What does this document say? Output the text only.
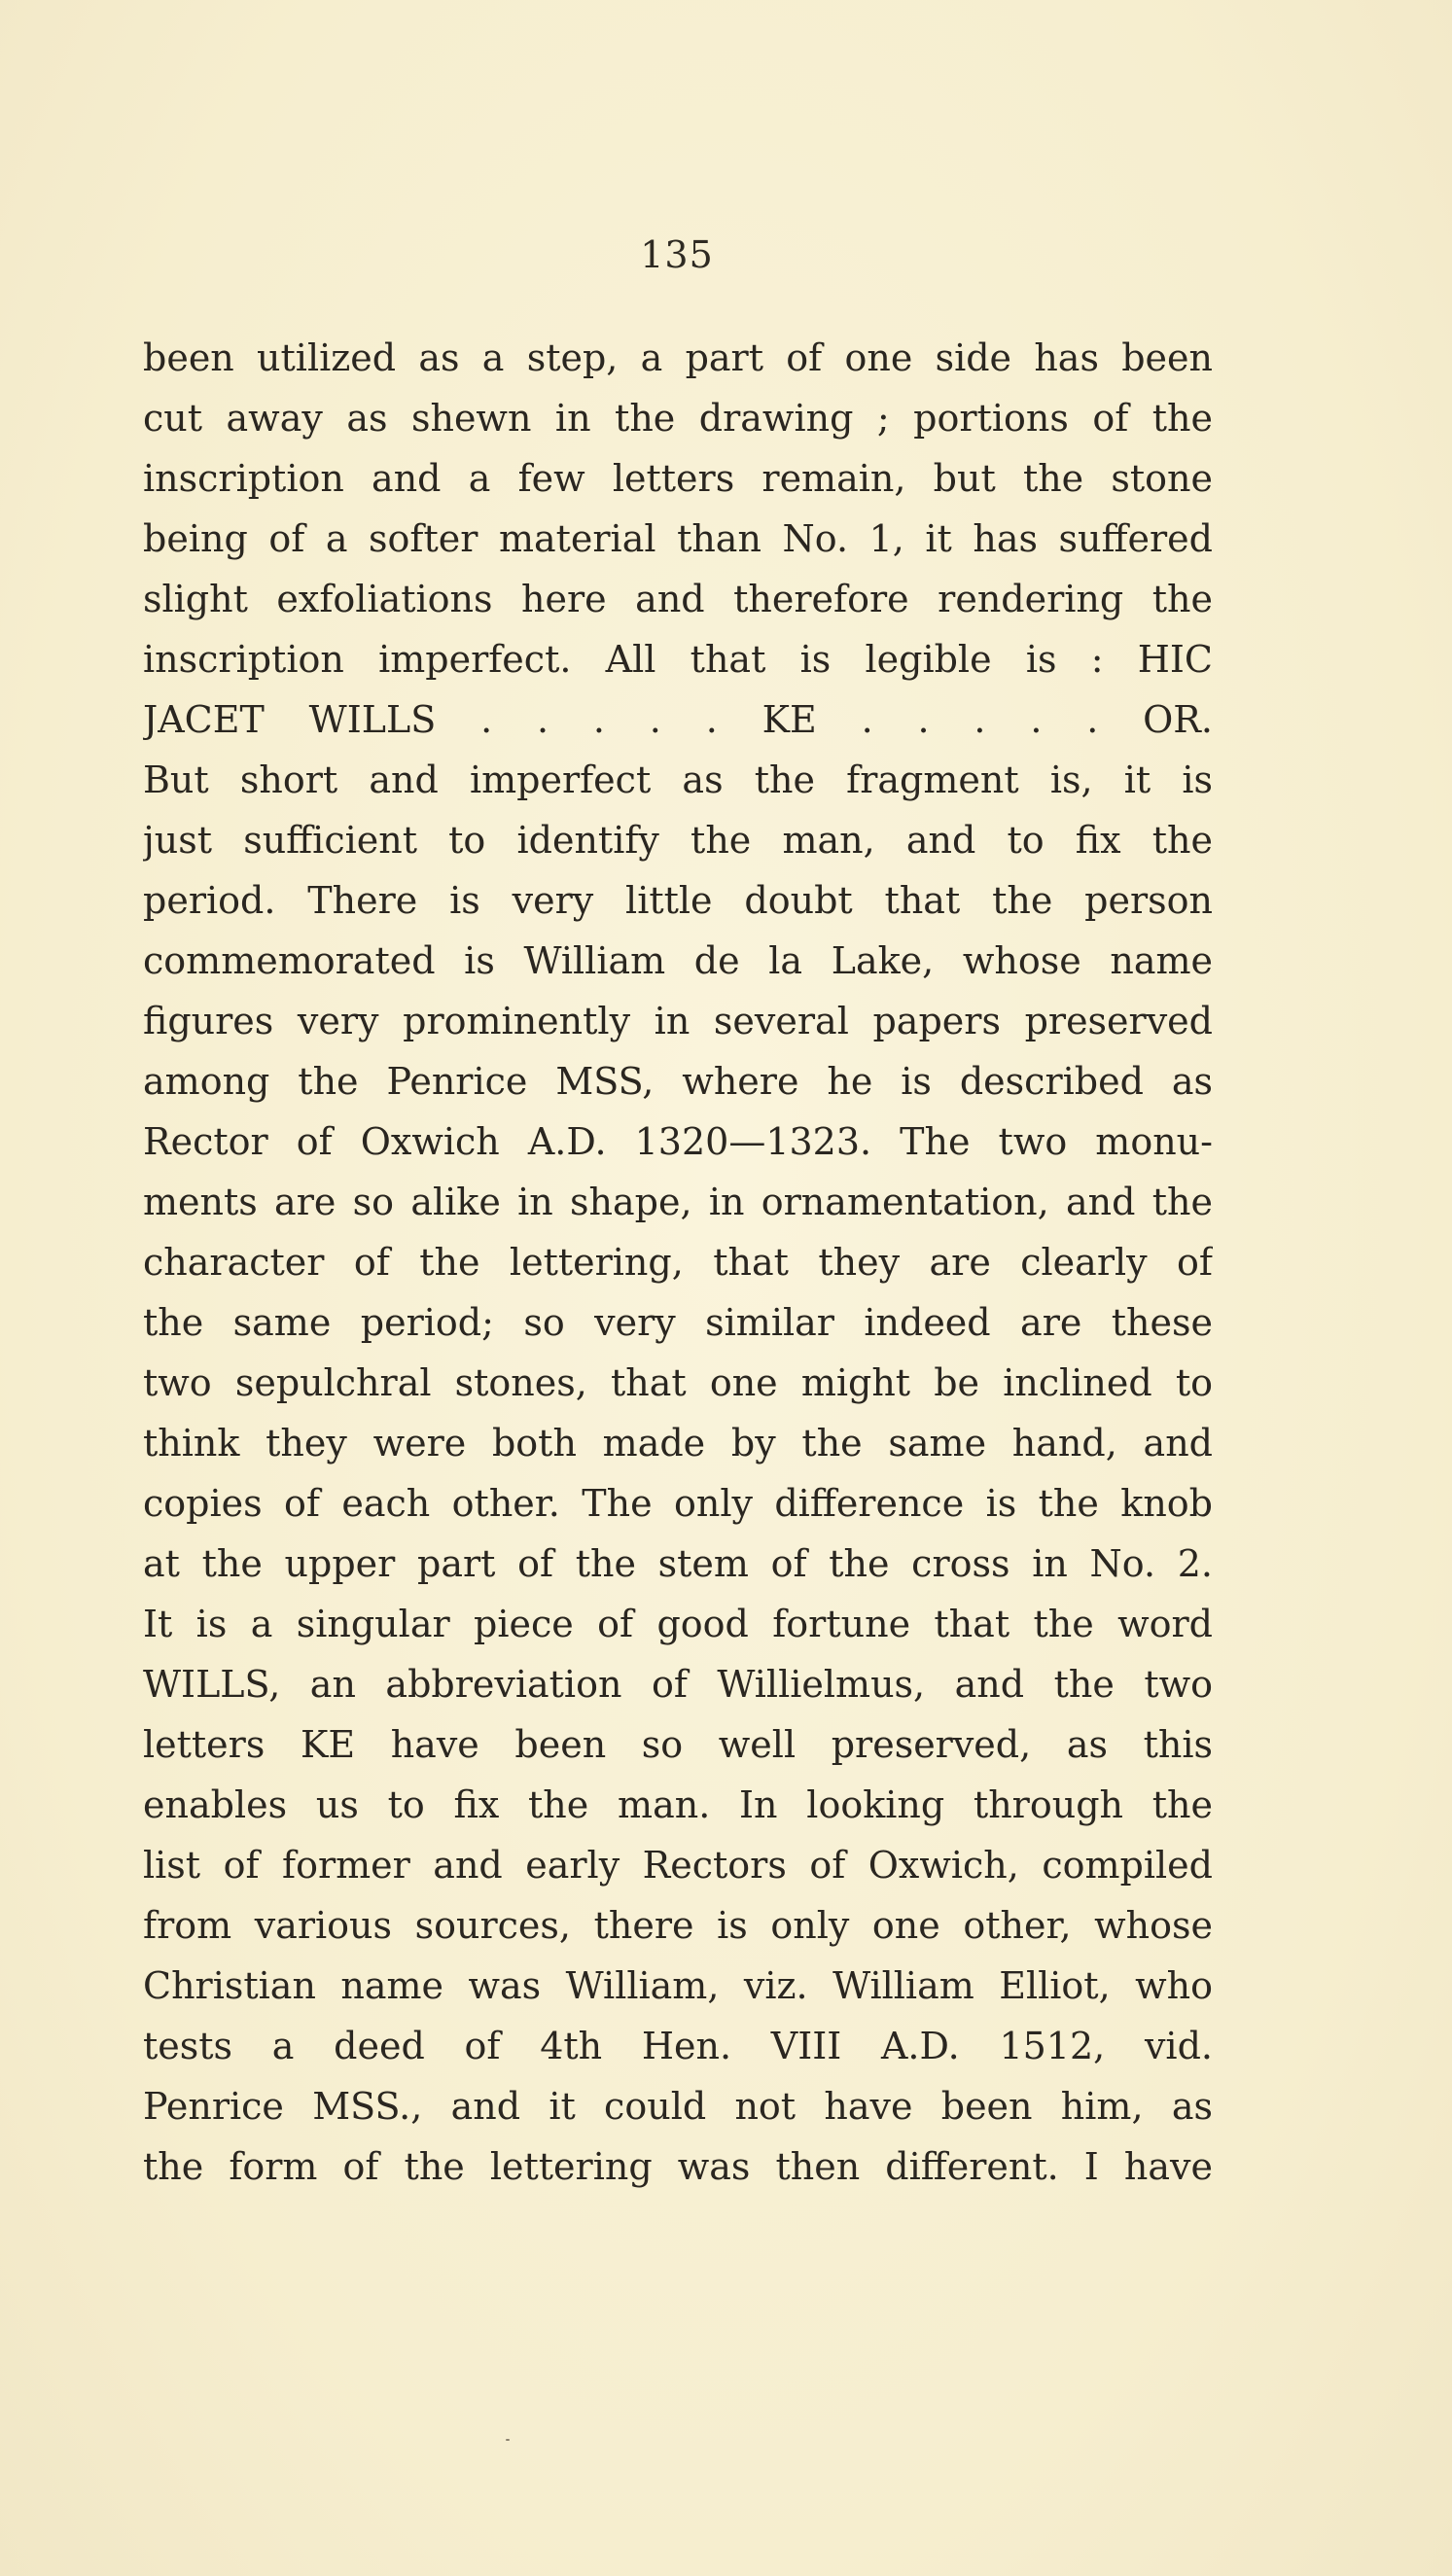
135
been utilized as a step, a part of one side has been
cut away as shewn in the drawing ; portions of the
inscription and a few letters remain, but the stone
being of a softer material than No. 1, it has suffered
slight exfoliations here and therefore rendering the
inscription imperfect. All that is legible is : HIC
JACET WILLS . . . . . KE . . . . . OR.
But short and imperfect as the fragment is, it is
just sufficient to identify the man, and to fix the
period. There is very little doubt that the person
commemorated is William de la Lake, whose name
figures very prominently in several papers preserved
among the Penrice MSS, where he is described as
Rector of Oxwich A.D. 1320—1323. The two monu-
ments are so alike in shape, in ornamentation, and the
character of the lettering, that they are clearly of
the same period; so very similar indeed are these
two sepulchral stones, that one might be inclined to
think they were both made by the same hand, and
copies of each other. The only difference is the knob
at the upper part of the stem of the cross in No. 2.
It is a singular piece of good fortune that the word
WILLS, an abbreviation of Willielmus, and the two
letters KE have been so well preserved, as this
enables us to fix the man. In looking through the
list of former and early Rectors of Oxwich, compiled
from various sources, there is only one other, whose
Christian name was William, viz. William Elliot, who
tests a deed of 4th Hen. VIII A.D. 1512, vid.
Penrice MSS., and it could not have been him, as
the form of the lettering was then different. I have
